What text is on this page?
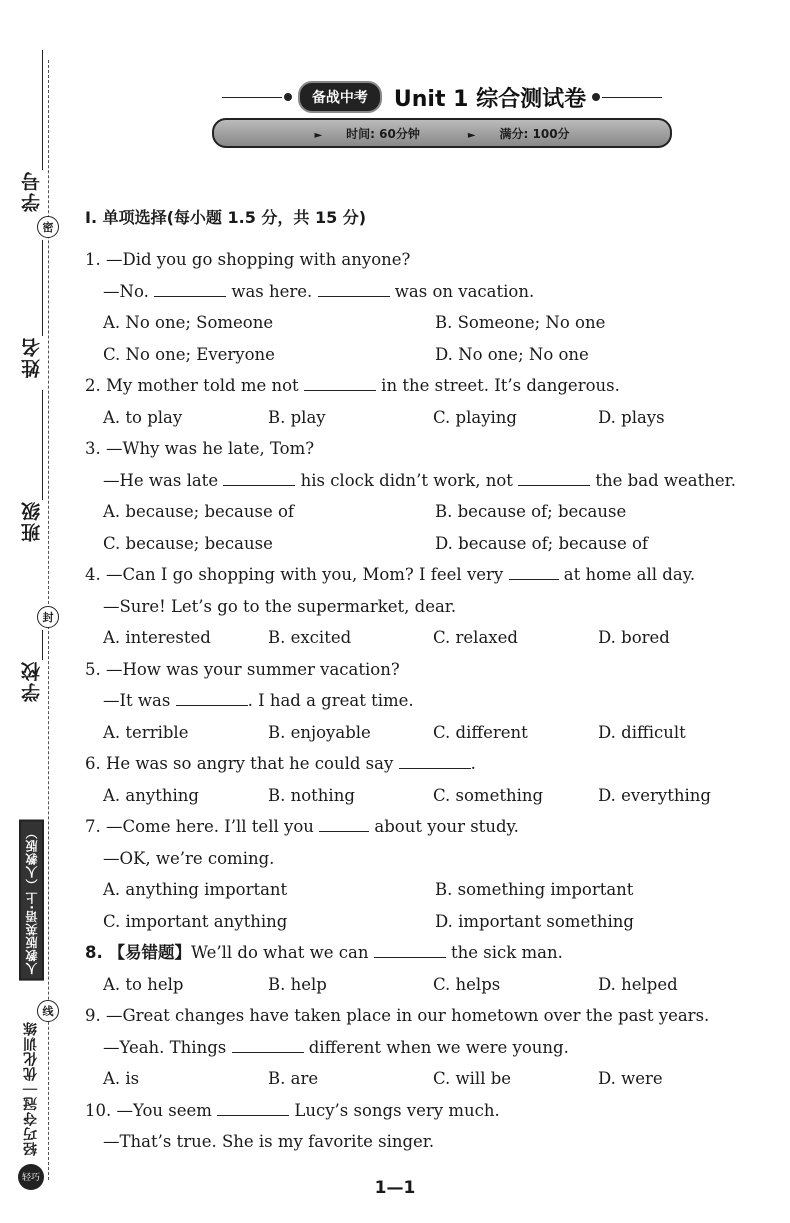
学号
密
姓名
班级
封
学校
人教版英语·上（人教版）
轻巧夺冠｜优化训练
轻巧
线
备战中考	Unit 1 综合测试卷
► 时间: 60分钟	► 满分: 100分
Ⅰ. 单项选择(每小题 1.5 分，共 15 分)
1. —Did you go shopping with anyone?
—No.	was here.	was on vacation.
A. No one; Someone	B. Someone; No one
C. No one; Everyone	D. No one; No one
2. My mother told me not	in the street. It’s dangerous.
A. to play	B. play	C. playing	D. plays
3. —Why was he late, Tom?
—He was late	his clock didn’t work, not	the bad weather.
A. because; because of	B. because of; because
C. because; because	D. because of; because of
4. —Can I go shopping with you, Mom? I feel very	at home all day.
—Sure! Let’s go to the supermarket, dear.
A. interested	B. excited	C. relaxed	D. bored
5. —How was your summer vacation?
—It was	. I had a great time.
A. terrible	B. enjoyable	C. different	D. difficult
6. He was so angry that he could say	.
A. anything	B. nothing	C. something	D. everything
7. —Come here. I’ll tell you	about your study.
—OK, we’re coming.
A. anything important	B. something important
C. important anything	D. important something
8. 【易错题】We’ll do what we can	the sick man.
A. to help	B. help	C. helps	D. helped
9. —Great changes have taken place in our hometown over the past years.
—Yeah. Things	different when we were young.
A. is	B. are	C. will be	D. were
10. —You seem	Lucy’s songs very much.
—That’s true. She is my favorite singer.
1—1
